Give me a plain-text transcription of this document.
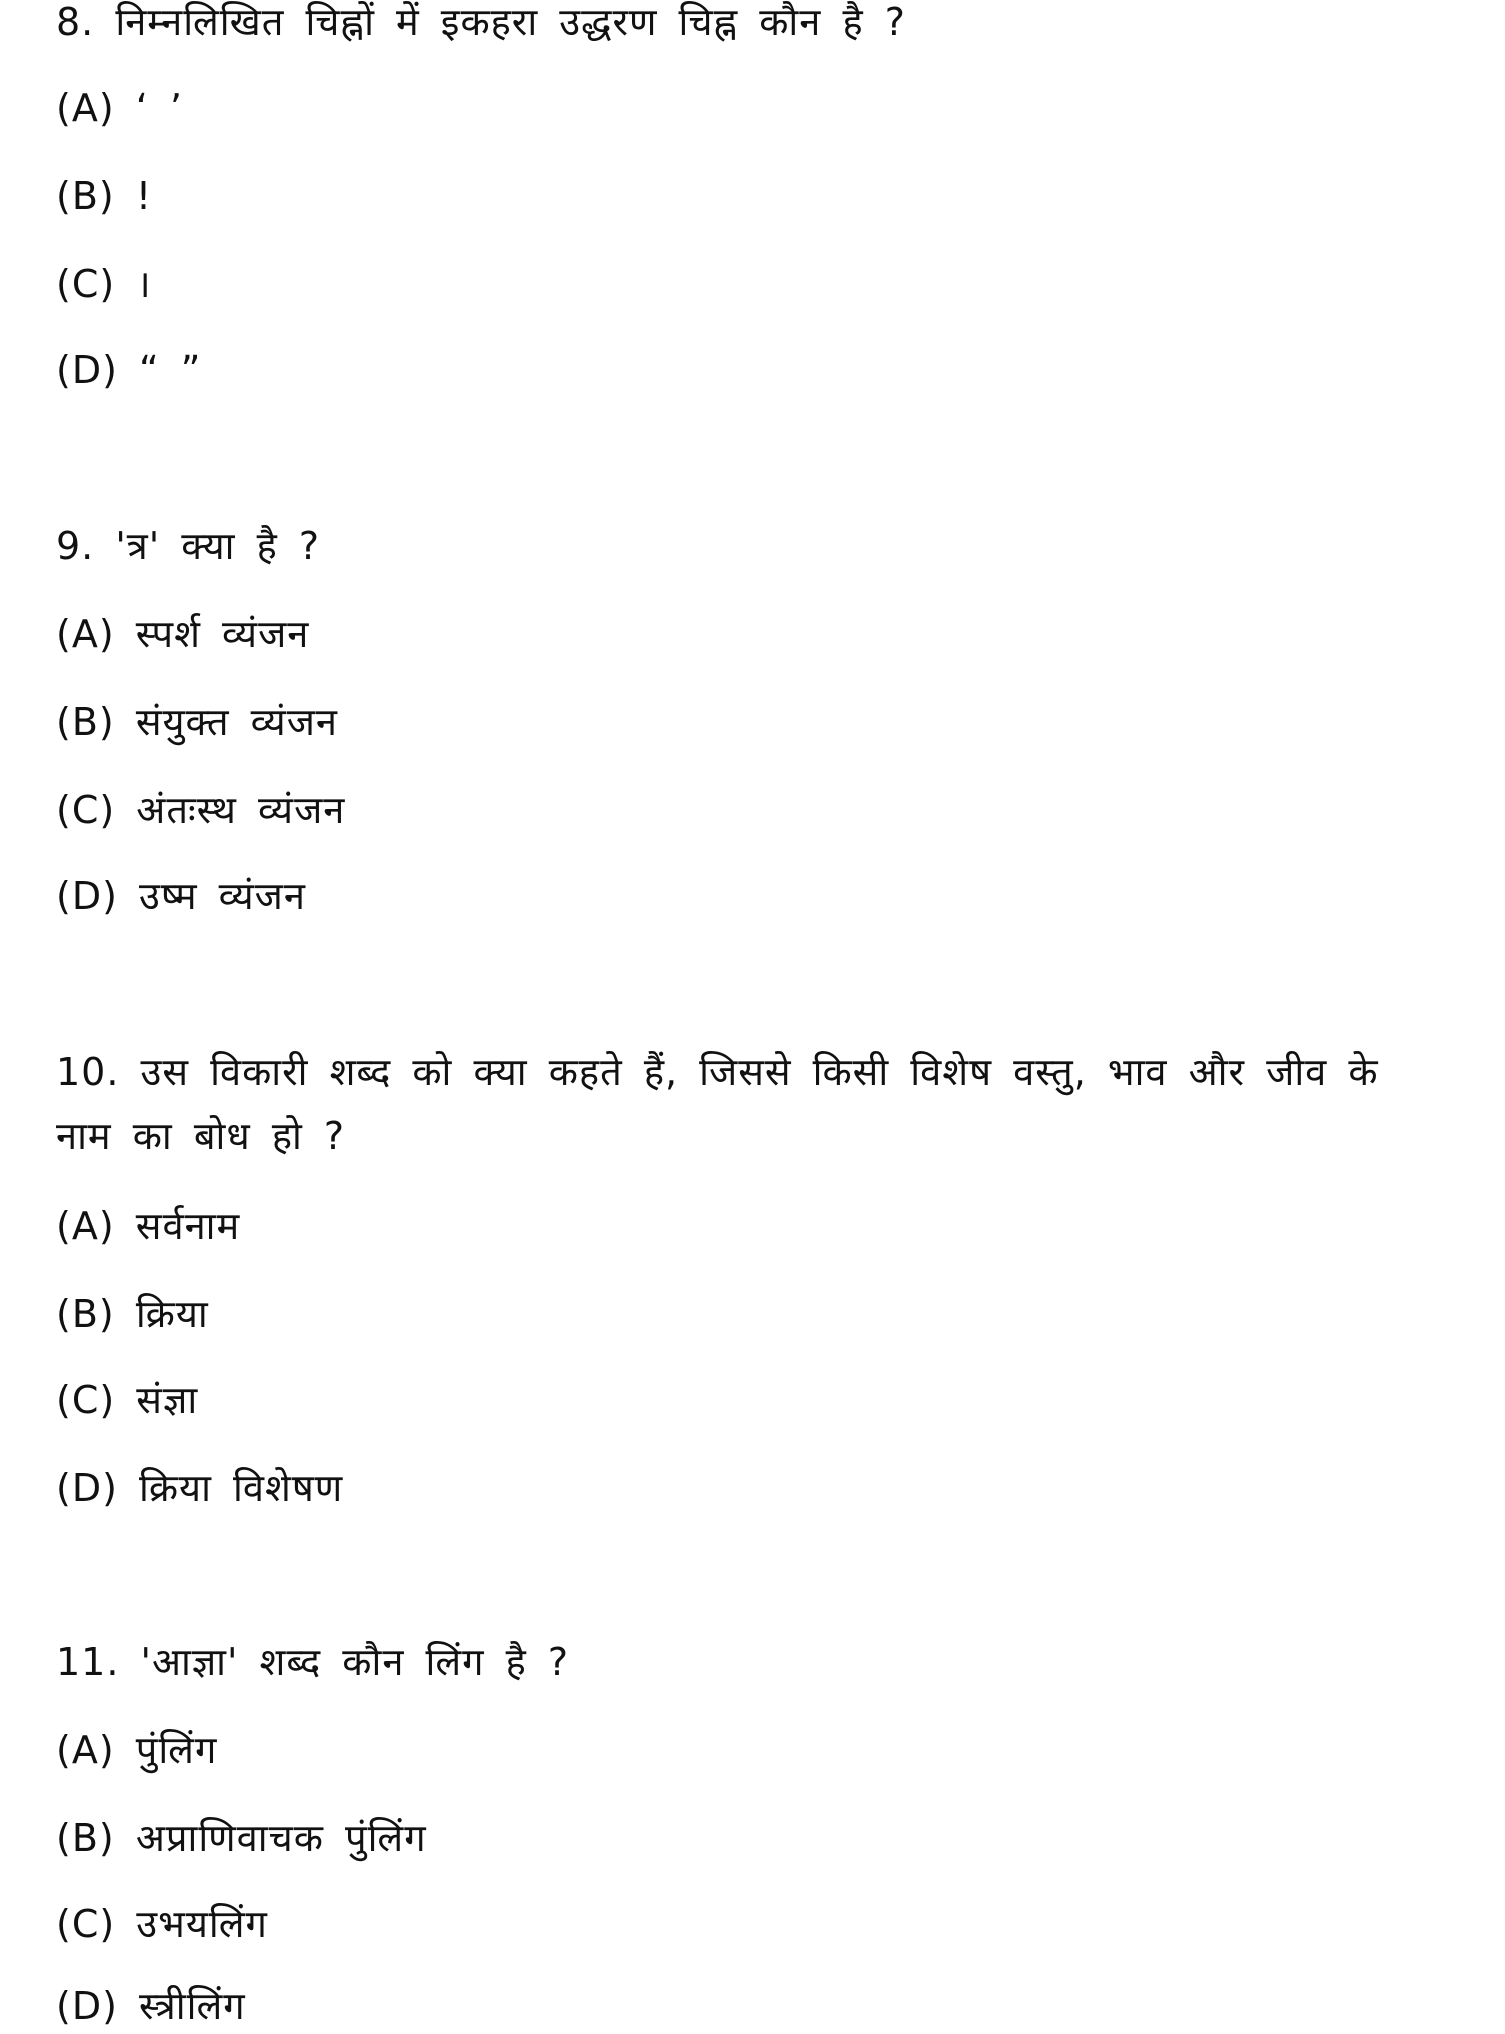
8. निम्नलिखित चिह्नों में इकहरा उद्धरण चिह्न कौन है ?
(A) ‘ ’
(B) !
(C) ।
(D) “ ”
9. 'त्र' क्या है ?
(A) स्पर्श व्यंजन
(B) संयुक्त व्यंजन
(C) अंतःस्थ व्यंजन
(D) उष्म व्यंजन
10. उस विकारी शब्द को क्या कहते हैं, जिससे किसी विशेष वस्तु, भाव और जीव के
नाम का बोध हो ?
(A) सर्वनाम
(B) क्रिया
(C) संज्ञा
(D) क्रिया विशेषण
11. 'आज्ञा' शब्द कौन लिंग है ?
(A) पुंलिंग
(B) अप्राणिवाचक पुंलिंग
(C) उभयलिंग
(D) स्त्रीलिंग
